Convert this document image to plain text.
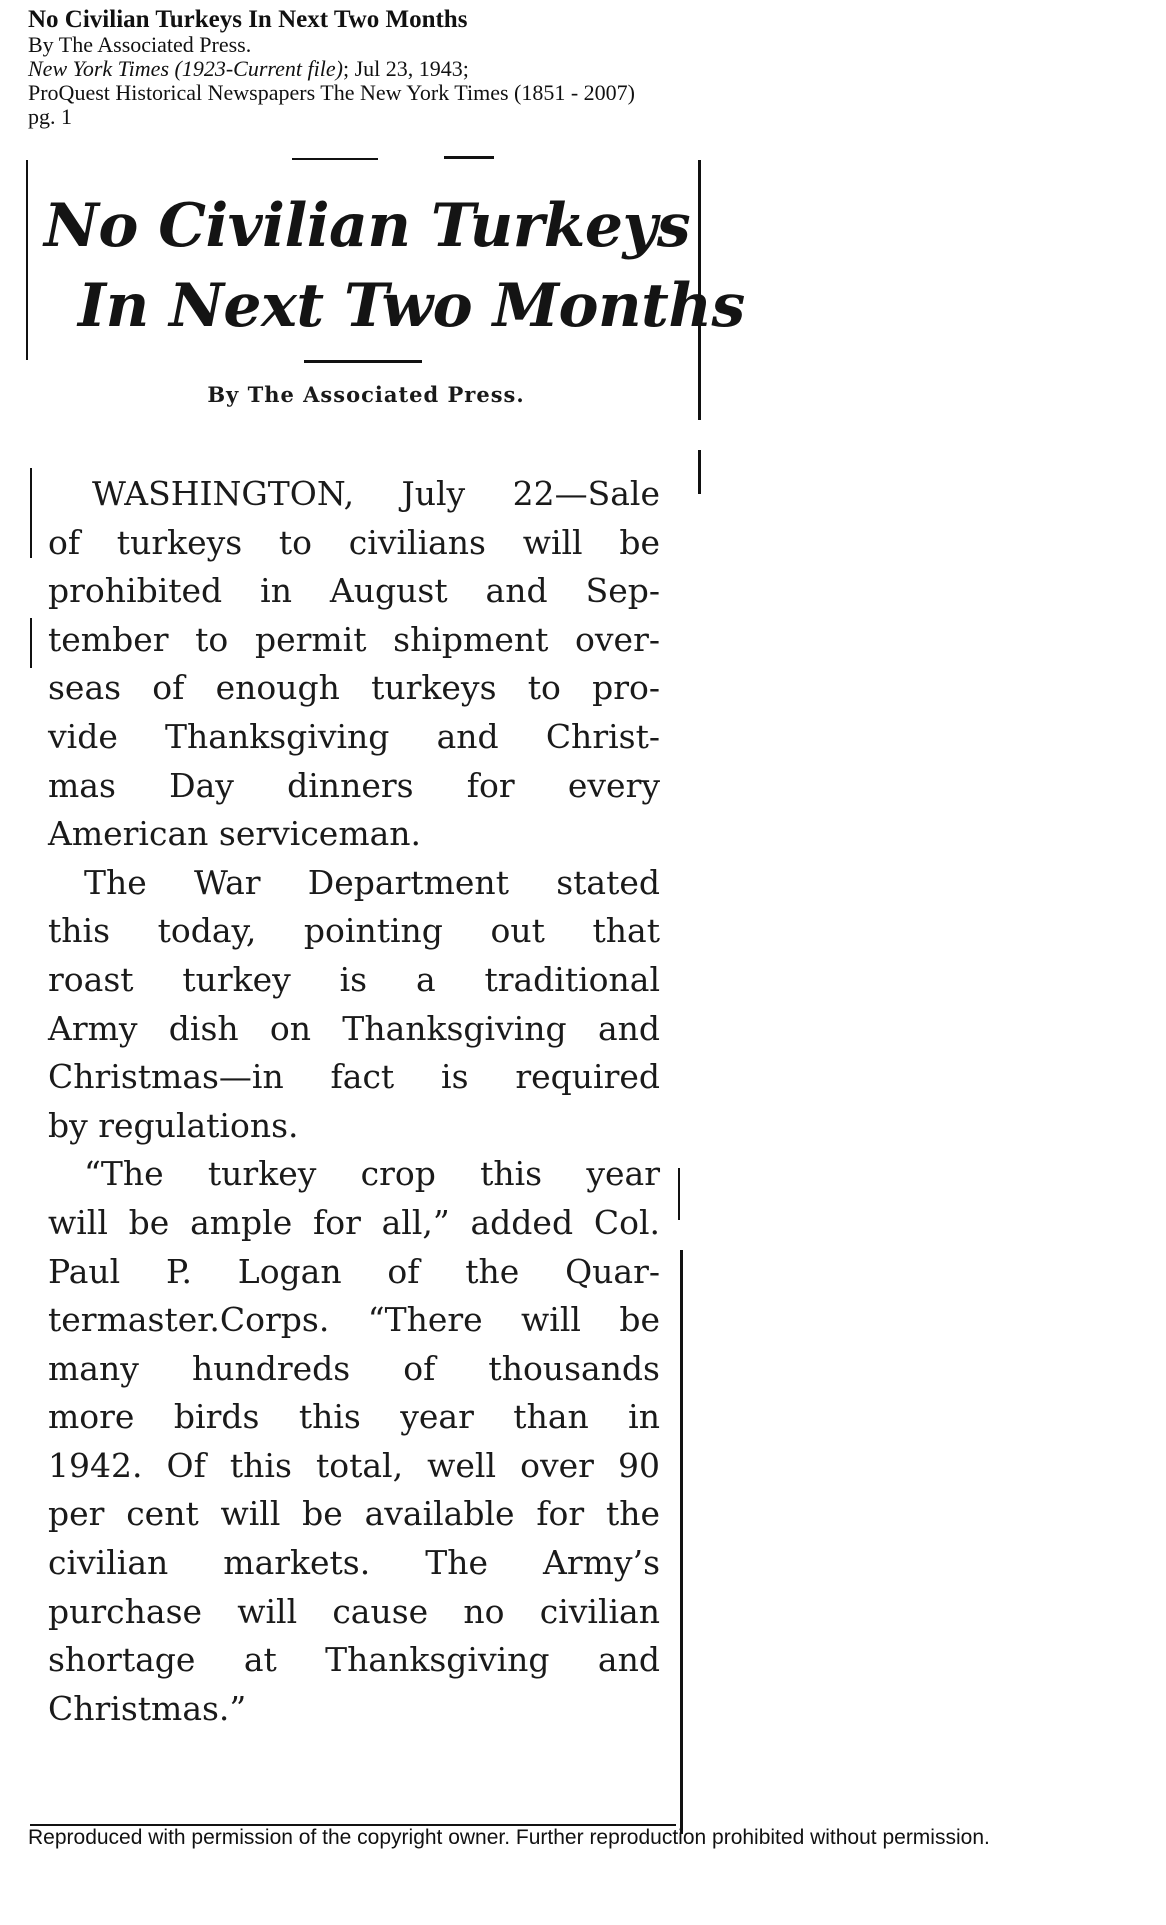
No Civilian Turkeys In Next Two Months
By The Associated Press.
New York Times (1923-Current file); Jul 23, 1943;
ProQuest Historical Newspapers The New York Times (1851 - 2007)
pg. 1
No Civilian Turkeys
In Next Two Months
By The Associated Press.

WASHINGTON, July 22—Sale
of turkeys to civilians will be
prohibited in August and Sep-
tember to permit shipment over-
seas of enough turkeys to pro-
vide Thanksgiving and Christ-
mas Day dinners for every
American serviceman.

The War Department stated
this today, pointing out that
roast turkey is a traditional
Army dish on Thanksgiving and
Christmas—in fact is required
by regulations.

“The turkey crop this year
will be ample for all,” added Col.
Paul P. Logan of the Quar-
termaster.Corps. “There will be
many hundreds of thousands
more birds this year than in
1942. Of this total, well over 90
per cent will be available for the
civilian markets. The Army’s
purchase will cause no civilian
shortage at Thanksgiving and
Christmas.”

Reproduced with permission of the copyright owner. Further reproduction prohibited without permission.
